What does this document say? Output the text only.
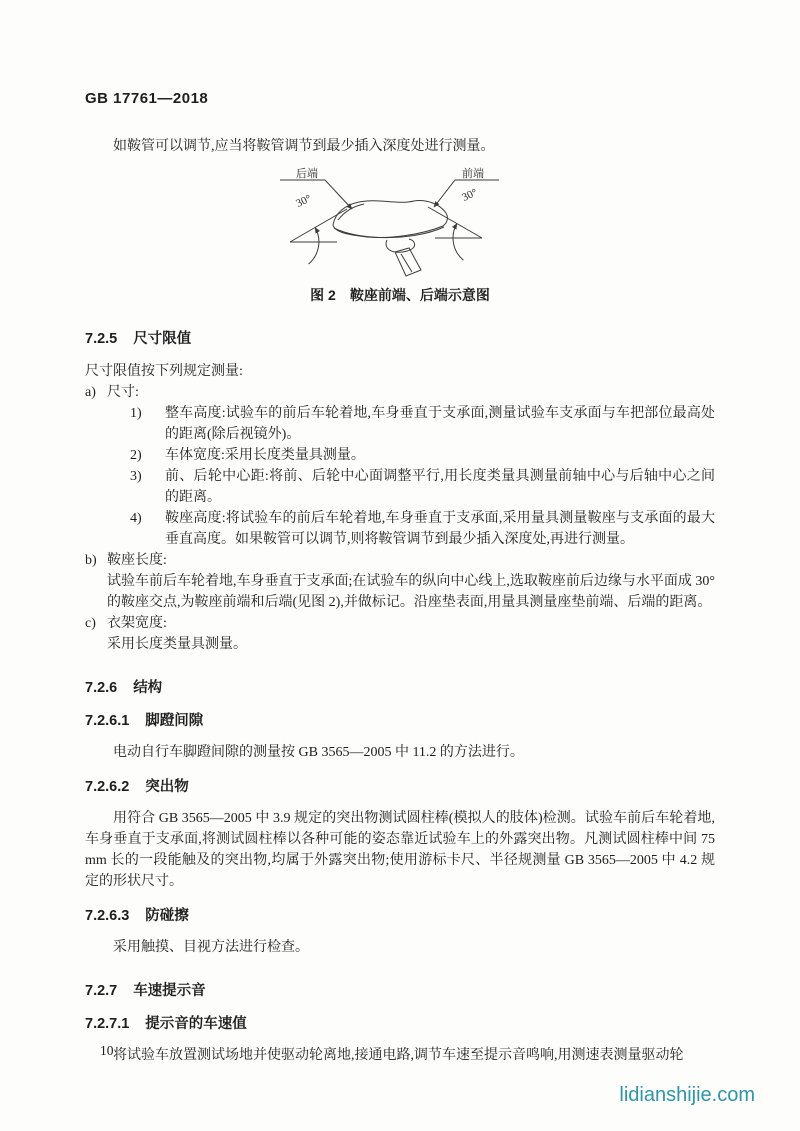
GB 17761—2018

如鞍管可以调节,应当将鞍管调节到最少插入深度处进行测量。

后端	前端
30°	30°
图 2 鞍座前端、后端示意图
7.2.5 尺寸限值

尺寸限值按下列规定测量:

a) 尺寸:
1)	整车高度:试验车的前后车轮着地,车身垂直于支承面,测量试验车支承面与车把部位最高处的距离(除后视镜外)。
2)	车体宽度:采用长度类量具测量。
3)	前、后轮中心距:将前、后轮中心面调整平行,用长度类量具测量前轴中心与后轴中心之间的距离。
4)	鞍座高度:将试验车的前后车轮着地,车身垂直于支承面,采用量具测量鞍座与支承面的最大垂直高度。如果鞍管可以调节,则将鞍管调节到最少插入深度处,再进行测量。
b) 鞍座长度:
试验车前后车轮着地,车身垂直于支承面;在试验车的纵向中心线上,选取鞍座前后边缘与水平面成 30°的鞍座交点,为鞍座前端和后端(见图 2),并做标记。沿座垫表面,用量具测量座垫前端、后端的距离。
c) 衣架宽度:
采用长度类量具测量。
7.2.6 结构
7.2.6.1 脚蹬间隙

电动自行车脚蹬间隙的测量按 GB 3565—2005 中 11.2 的方法进行。

7.2.6.2 突出物

用符合 GB 3565—2005 中 3.9 规定的突出物测试圆柱棒(模拟人的肢体)检测。试验车前后车轮着地,车身垂直于支承面,将测试圆柱棒以各种可能的姿态靠近试验车上的外露突出物。凡测试圆柱棒中间 75 mm 长的一段能触及的突出物,均属于外露突出物;使用游标卡尺、半径规测量 GB 3565—2005 中 4.2 规定的形状尺寸。

7.2.6.3 防碰擦

采用触摸、目视方法进行检查。

7.2.7 车速提示音
7.2.7.1 提示音的车速值

将试验车放置测试场地并使驱动轮离地,接通电路,调节车速至提示音鸣响,用测速表测量驱动轮

10
lidianshijie.com
